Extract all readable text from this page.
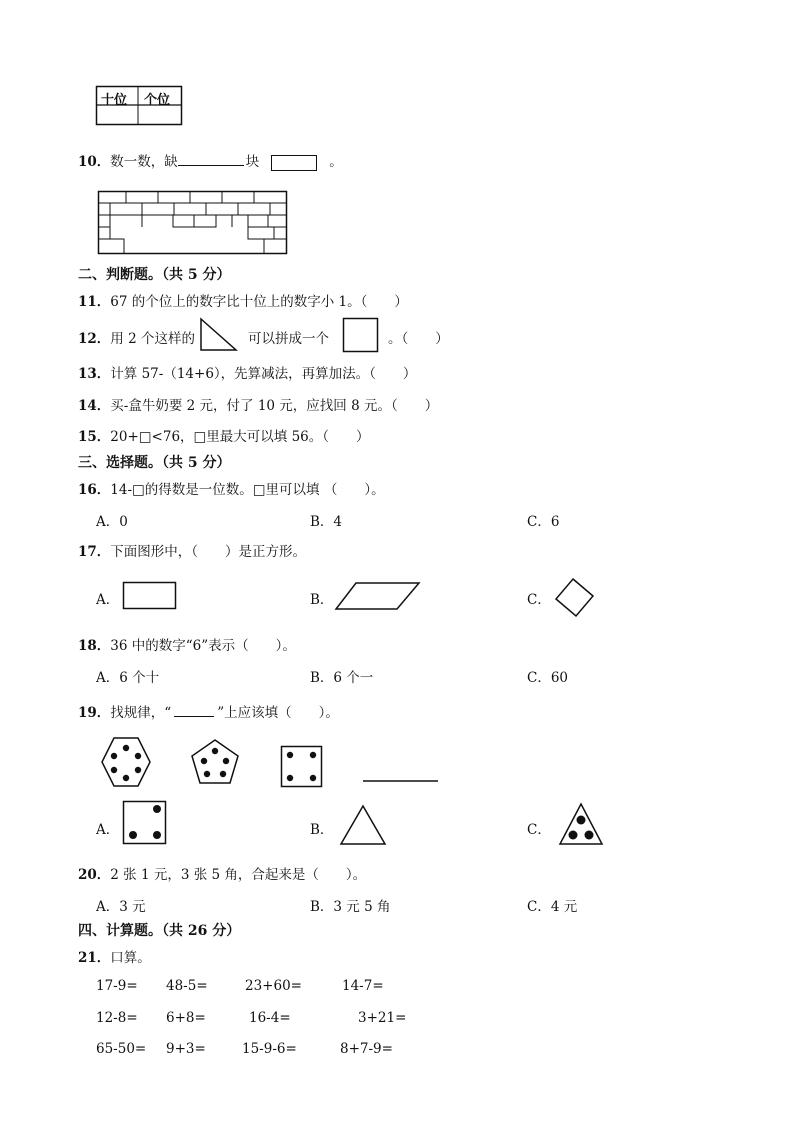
十位 个位
10．数一数，缺	块	。
二、判断题。（共 5 分）
11．67 的个位上的数字比十位上的数字小 1。（　　）
12．用 2 个这样的	可以拼成一个	。（　　）
13．计算 57-（14+6），先算减法，再算加法。（　　）
14．买-盒牛奶要 2 元，付了 10 元，应找回 8 元。（　　）
15．20+□<76，□里最大可以填 56。（　　）
三、选择题。（共 5 分）
16．14-□的得数是一位数。□里可以填 （　　）。
A．0	B．4	C．6
17．下面图形中，（　　）是正方形。
A．	B．	C．
18．36 中的数字“6”表示（　　）。
A．6 个十	B．6 个一	C．60
19．找规律，“	”上应该填（　　）。
A．	B．	C．
20．2 张 1 元，3 张 5 角，合起来是（　　）。
A．3 元	B．3 元 5 角	C．4 元
四、计算题。（共 26 分）
21．口算。
17-9= 48-5=	23+60=	14-7=
12-8= 6+8=	16-4=	3+21=
65-50= 9+3=	15-9-6=	8+7-9=
